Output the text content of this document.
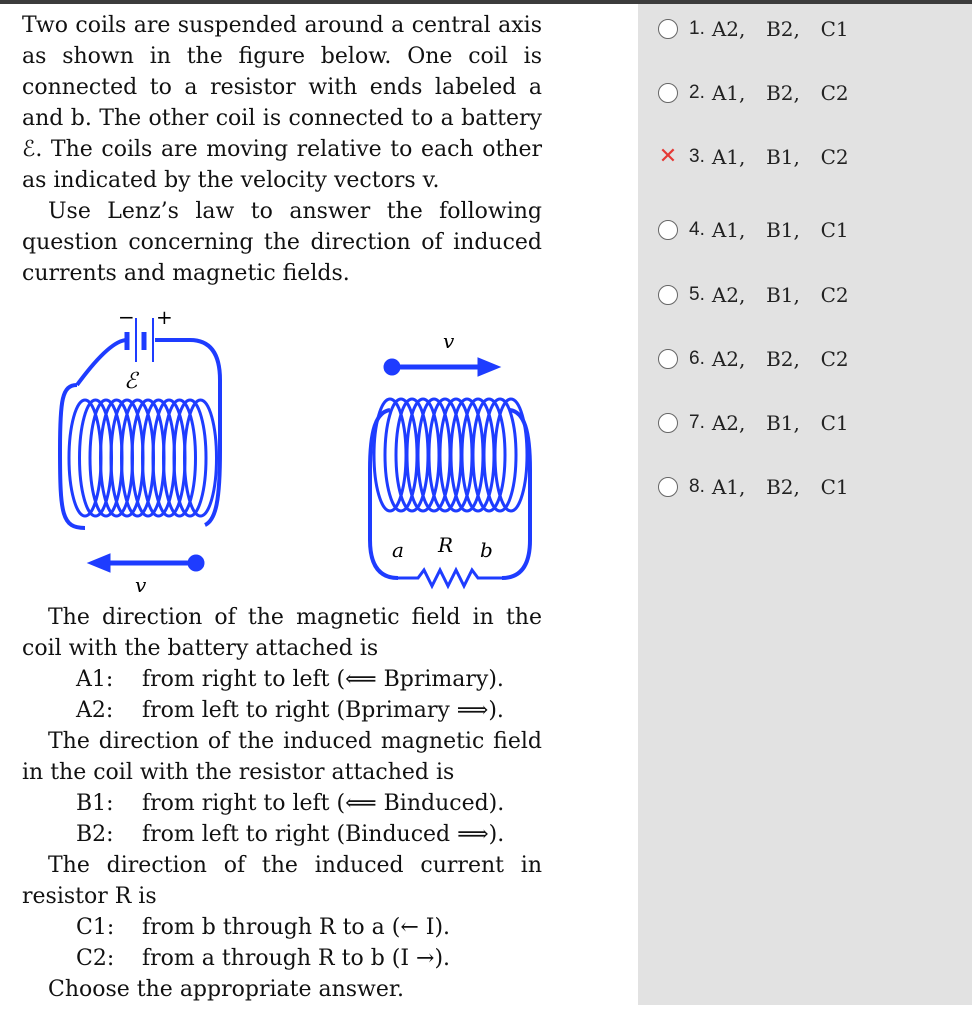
Two coils are suspended around a central axis as shown in the figure below. One coil is connected to a resistor with ends labeled a and b. The other coil is connected to a battery ℰ. The coils are moving relative to each other as indicated by the velocity vectors v.

Use Lenz’s law to answer the following question concerning the direction of induced currents and magnetic fields.

− +
ℰ
a R b
v
v

The direction of the magnetic field in the coil with the battery attached is

A1: from right to left (⟸ Bprimary).

A2: from left to right (Bprimary ⟹).

The direction of the induced magnetic field in the coil with the resistor attached is

B1: from right to left (⟸ Binduced).

B2: from left to right (Binduced ⟹).

The direction of the induced current in resistor R is

C1: from b through R to a (← I).

C2: from a through R to b (I →).

Choose the appropriate answer.

1. A2,  B2,  C1
2. A1,  B2,  C2
✕ 3. A1,  B1,  C2
4. A1,  B1,  C1
5. A2,  B1,  C2
6. A2,  B2,  C2
7. A2,  B1,  C1
8. A1,  B2,  C1
